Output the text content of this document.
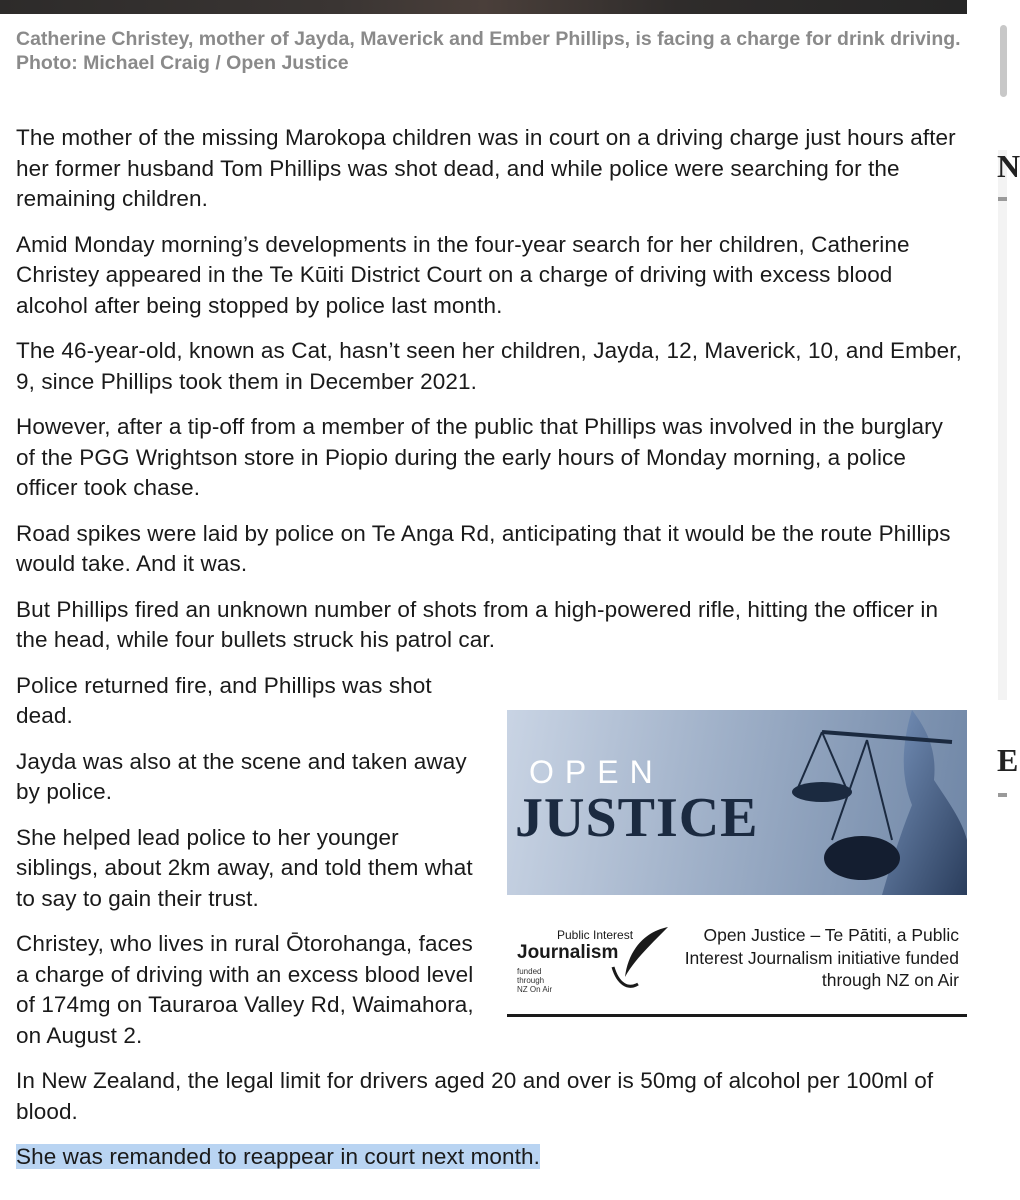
Catherine Christey, mother of Jayda, Maverick and Ember Phillips, is facing a charge for drink driving. Photo: Michael Craig / Open Justice
N
E

The mother of the missing Marokopa children was in court on a driving charge just hours after her former husband Tom Phillips was shot dead, and while police were searching for the remaining children.

Amid Monday morning’s developments in the four-year search for her children, Catherine Christey appeared in the Te Kūiti District Court on a charge of driving with excess blood alcohol after being stopped by police last month.

The 46-year-old, known as Cat, hasn’t seen her children, Jayda, 12, Maverick, 10, and Ember, 9, since Phillips took them in December 2021.

However, after a tip-off from a member of the public that Phillips was involved in the burglary of the PGG Wrightson store in Piopio during the early hours of Monday morning, a police officer took chase.

Road spikes were laid by police on Te Anga Rd, anticipating that it would be the route Phillips would take. And it was.

But Phillips fired an unknown number of shots from a high-powered rifle, hitting the officer in the head, while four bullets struck his patrol car.

Police returned fire, and Phillips was shot dead.

Jayda was also at the scene and taken away by police.

She helped lead police to her younger siblings, about 2km away, and told them what to say to gain their trust.

Christey, who lives in rural Ōtorohanga, faces a charge of driving with an excess blood level of 174mg on Tauraroa Valley Rd, Waimahora, on August 2.

In New Zealand, the legal limit for drivers aged 20 and over is 50mg of alcohol per 100ml of blood.

She was remanded to reappear in court next month.

OPEN
JUSTICE
Public Interest
Journalism
funded through NZ On Air
Open Justice – Te Pātiti, a Public Interest Journalism initiative funded through NZ on Air
